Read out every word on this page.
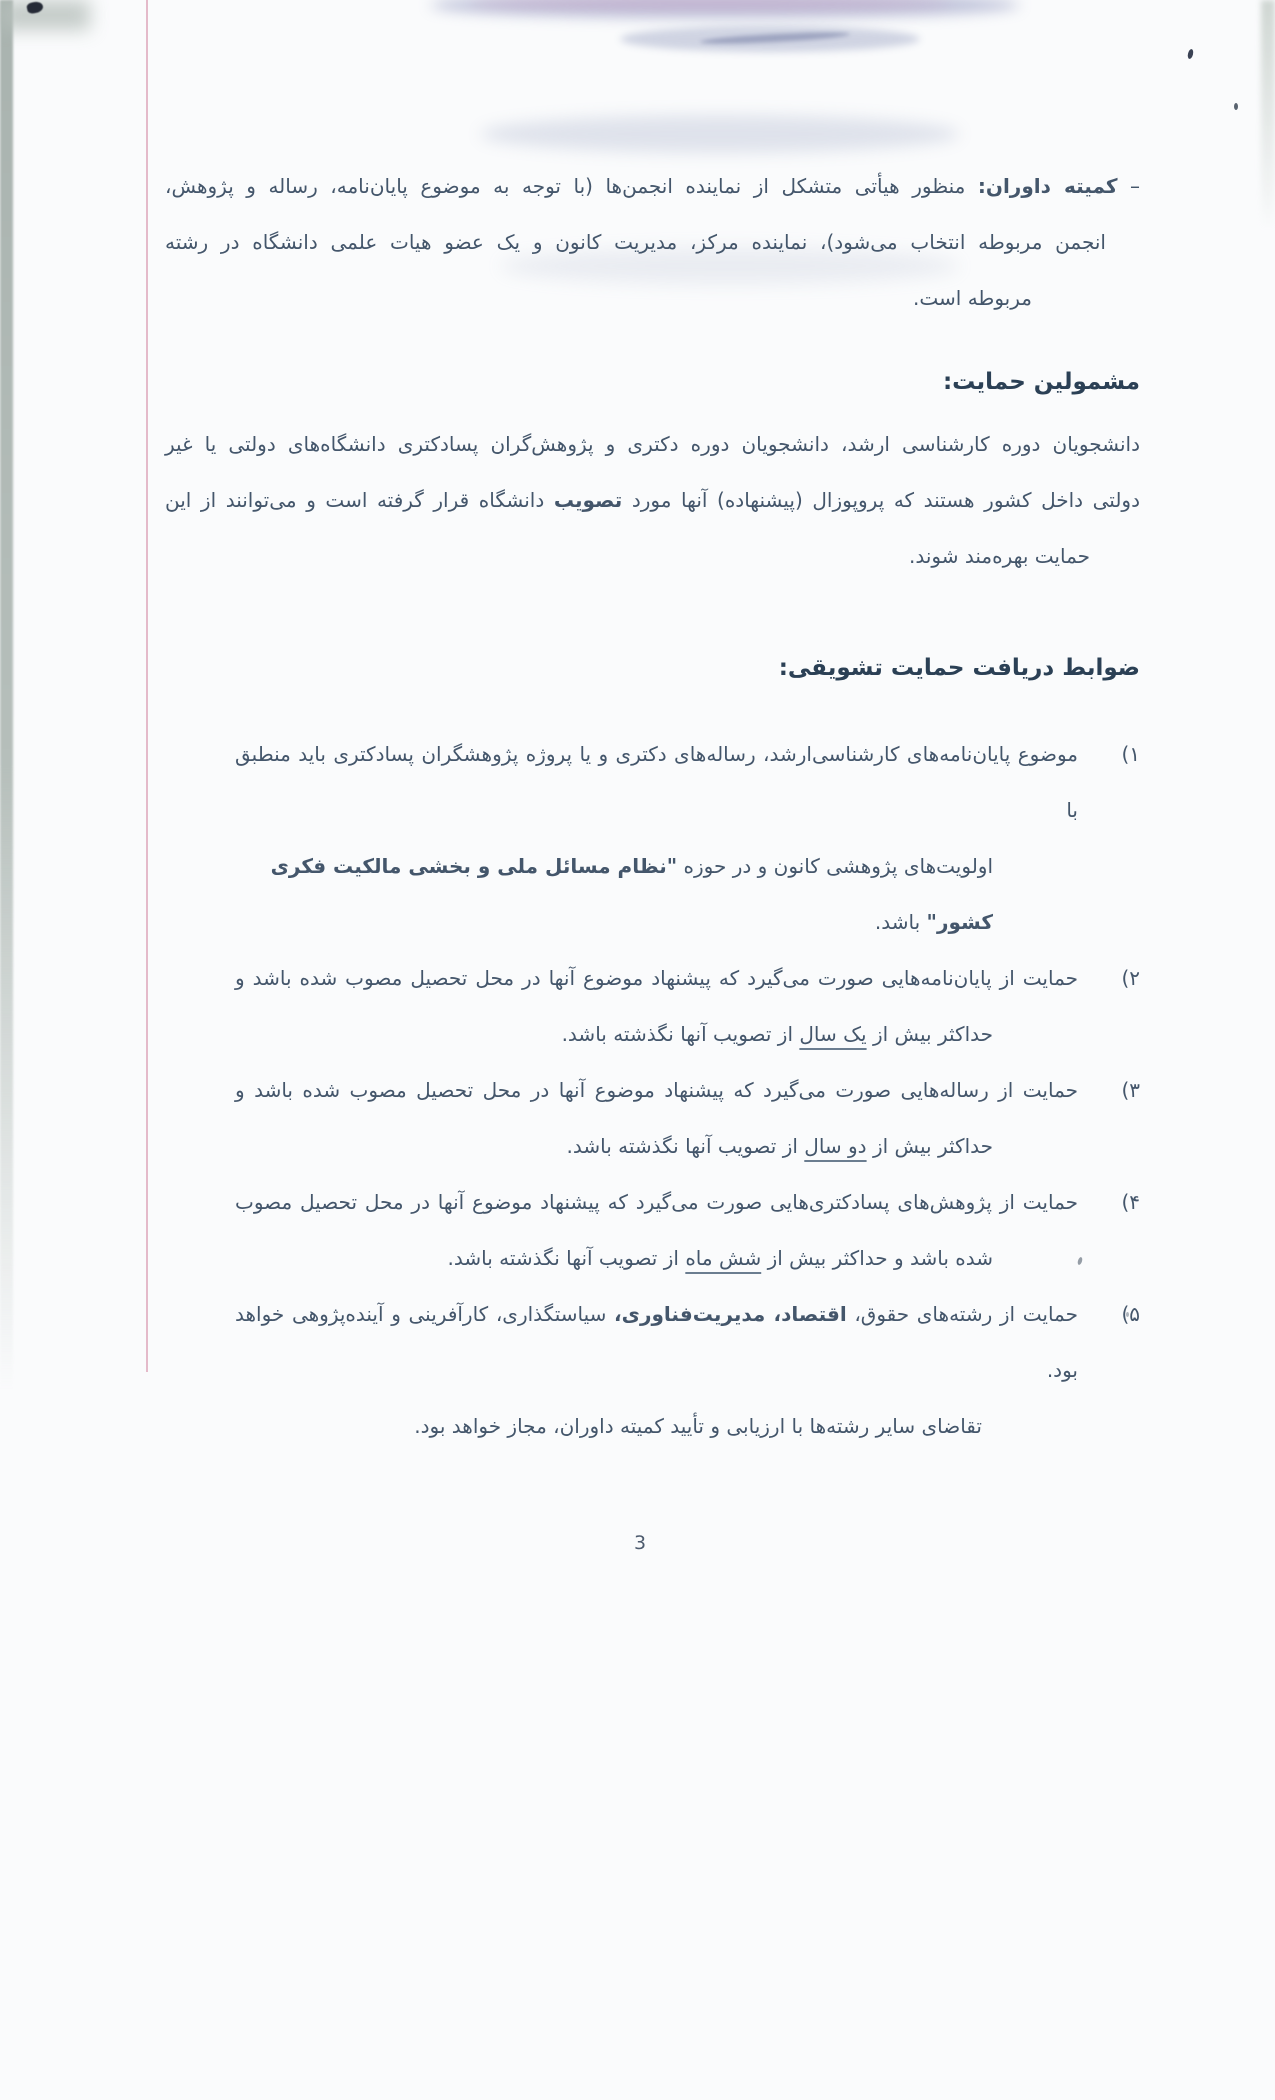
– کمیته داوران: منظور هیأتی متشکل از نماینده انجمن‌ها (با توجه به موضوع پایان‌نامه، رساله و پژوهش،
انجمن مربوطه انتخاب می‌شود)، نماینده مرکز، مدیریت کانون و یک عضو هیات علمی دانشگاه در رشته
مربوطه است.
مشمولین حمایت:
دانشجویان دوره کارشناسی ارشد، دانشجویان دوره دکتری و پژوهش‌گران پسادکتری دانشگاه‌های دولتی یا غیر
دولتی داخل کشور هستند که پروپوزال (پیشنهاده) آنها مورد تصویب دانشگاه قرار گرفته است و می‌توانند از این
حمایت بهره‌مند شوند.
ضوابط دریافت حمایت تشویقی:
۱)
موضوع پایان‌نامه‌های کارشناسی‌ارشد، رساله‌های دکتری و یا پروژه پژوهشگران پسادکتری باید منطبق با
اولویت‌های پژوهشی کانون و در حوزه "نظام مسائل ملی و بخشی مالکیت فکری کشور" باشد.
۲)
حمایت از پایان‌نامه‌هایی صورت می‌گیرد که پیشنهاد موضوع آنها در محل تحصیل مصوب شده باشد و
حداکثر بیش از یک سال از تصویب آنها نگذشته باشد.
۳)
حمایت از رساله‌هایی صورت می‌گیرد که پیشنهاد موضوع آنها در محل تحصیل مصوب شده باشد و
حداکثر بیش از دو سال از تصویب آنها نگذشته باشد.
۴)
حمایت از پژوهش‌های پسادکتری‌هایی صورت می‌گیرد که پیشنهاد موضوع آنها در محل تحصیل مصوب
شده باشد و حداکثر بیش از شش ماه از تصویب آنها نگذشته باشد.
۵)
حمایت از رشته‌های حقوق، اقتصاد، مدیریت‌فناوری، سیاستگذاری، کارآفرینی و آینده‌پژوهی خواهد بود.
تقاضای سایر رشته‌ها با ارزیابی و تأیید کمیته داوران، مجاز خواهد بود.
3
